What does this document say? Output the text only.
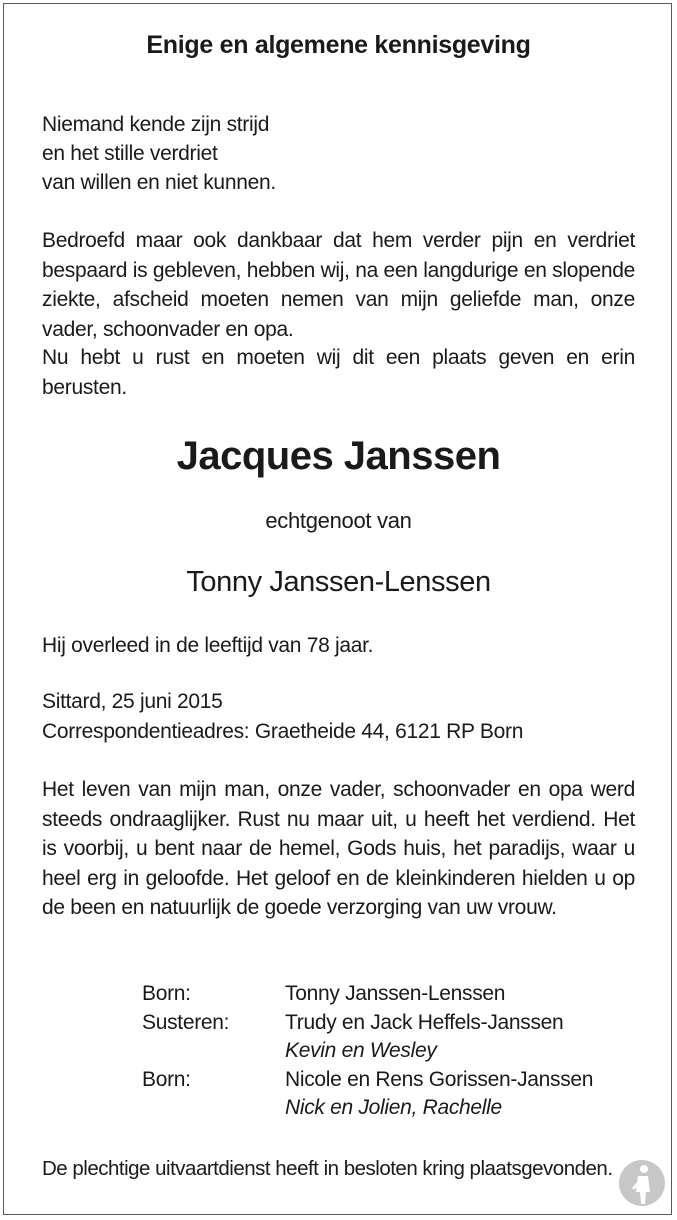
Enige en algemene kennisgeving
Niemand kende zijn strijd
en het stille verdriet
van willen en niet kunnen.
Bedroefd maar ook dankbaar dat hem verder pijn en verdriet bespaard is gebleven, hebben wij, na een langdurige en slopende ziekte, afscheid moeten nemen van mijn geliefde man, onze vader, schoonvader en opa.
Nu hebt u rust en moeten wij dit een plaats geven en erin berusten.
Jacques Janssen
echtgenoot van
Tonny Janssen-Lenssen
Hij overleed in de leeftijd van 78 jaar.
Sittard, 25 juni 2015
Correspondentieadres: Graetheide 44, 6121 RP Born
Het leven van mijn man, onze vader, schoonvader en opa werd steeds ondraaglijker. Rust nu maar uit, u heeft het verdiend. Het is voorbij, u bent naar de hemel, Gods huis, het paradijs, waar u heel erg in geloofde. Het geloof en de kleinkinderen hielden u op de been en natuurlijk de goede verzorging van uw vrouw.
Born:	Tonny Janssen-Lenssen
Susteren:	Trudy en Jack Heffels-Janssen
Kevin en Wesley
Born:	Nicole en Rens Gorissen-Janssen
Nick en Jolien, Rachelle
De plechtige uitvaartdienst heeft in besloten kring plaatsgevonden.
